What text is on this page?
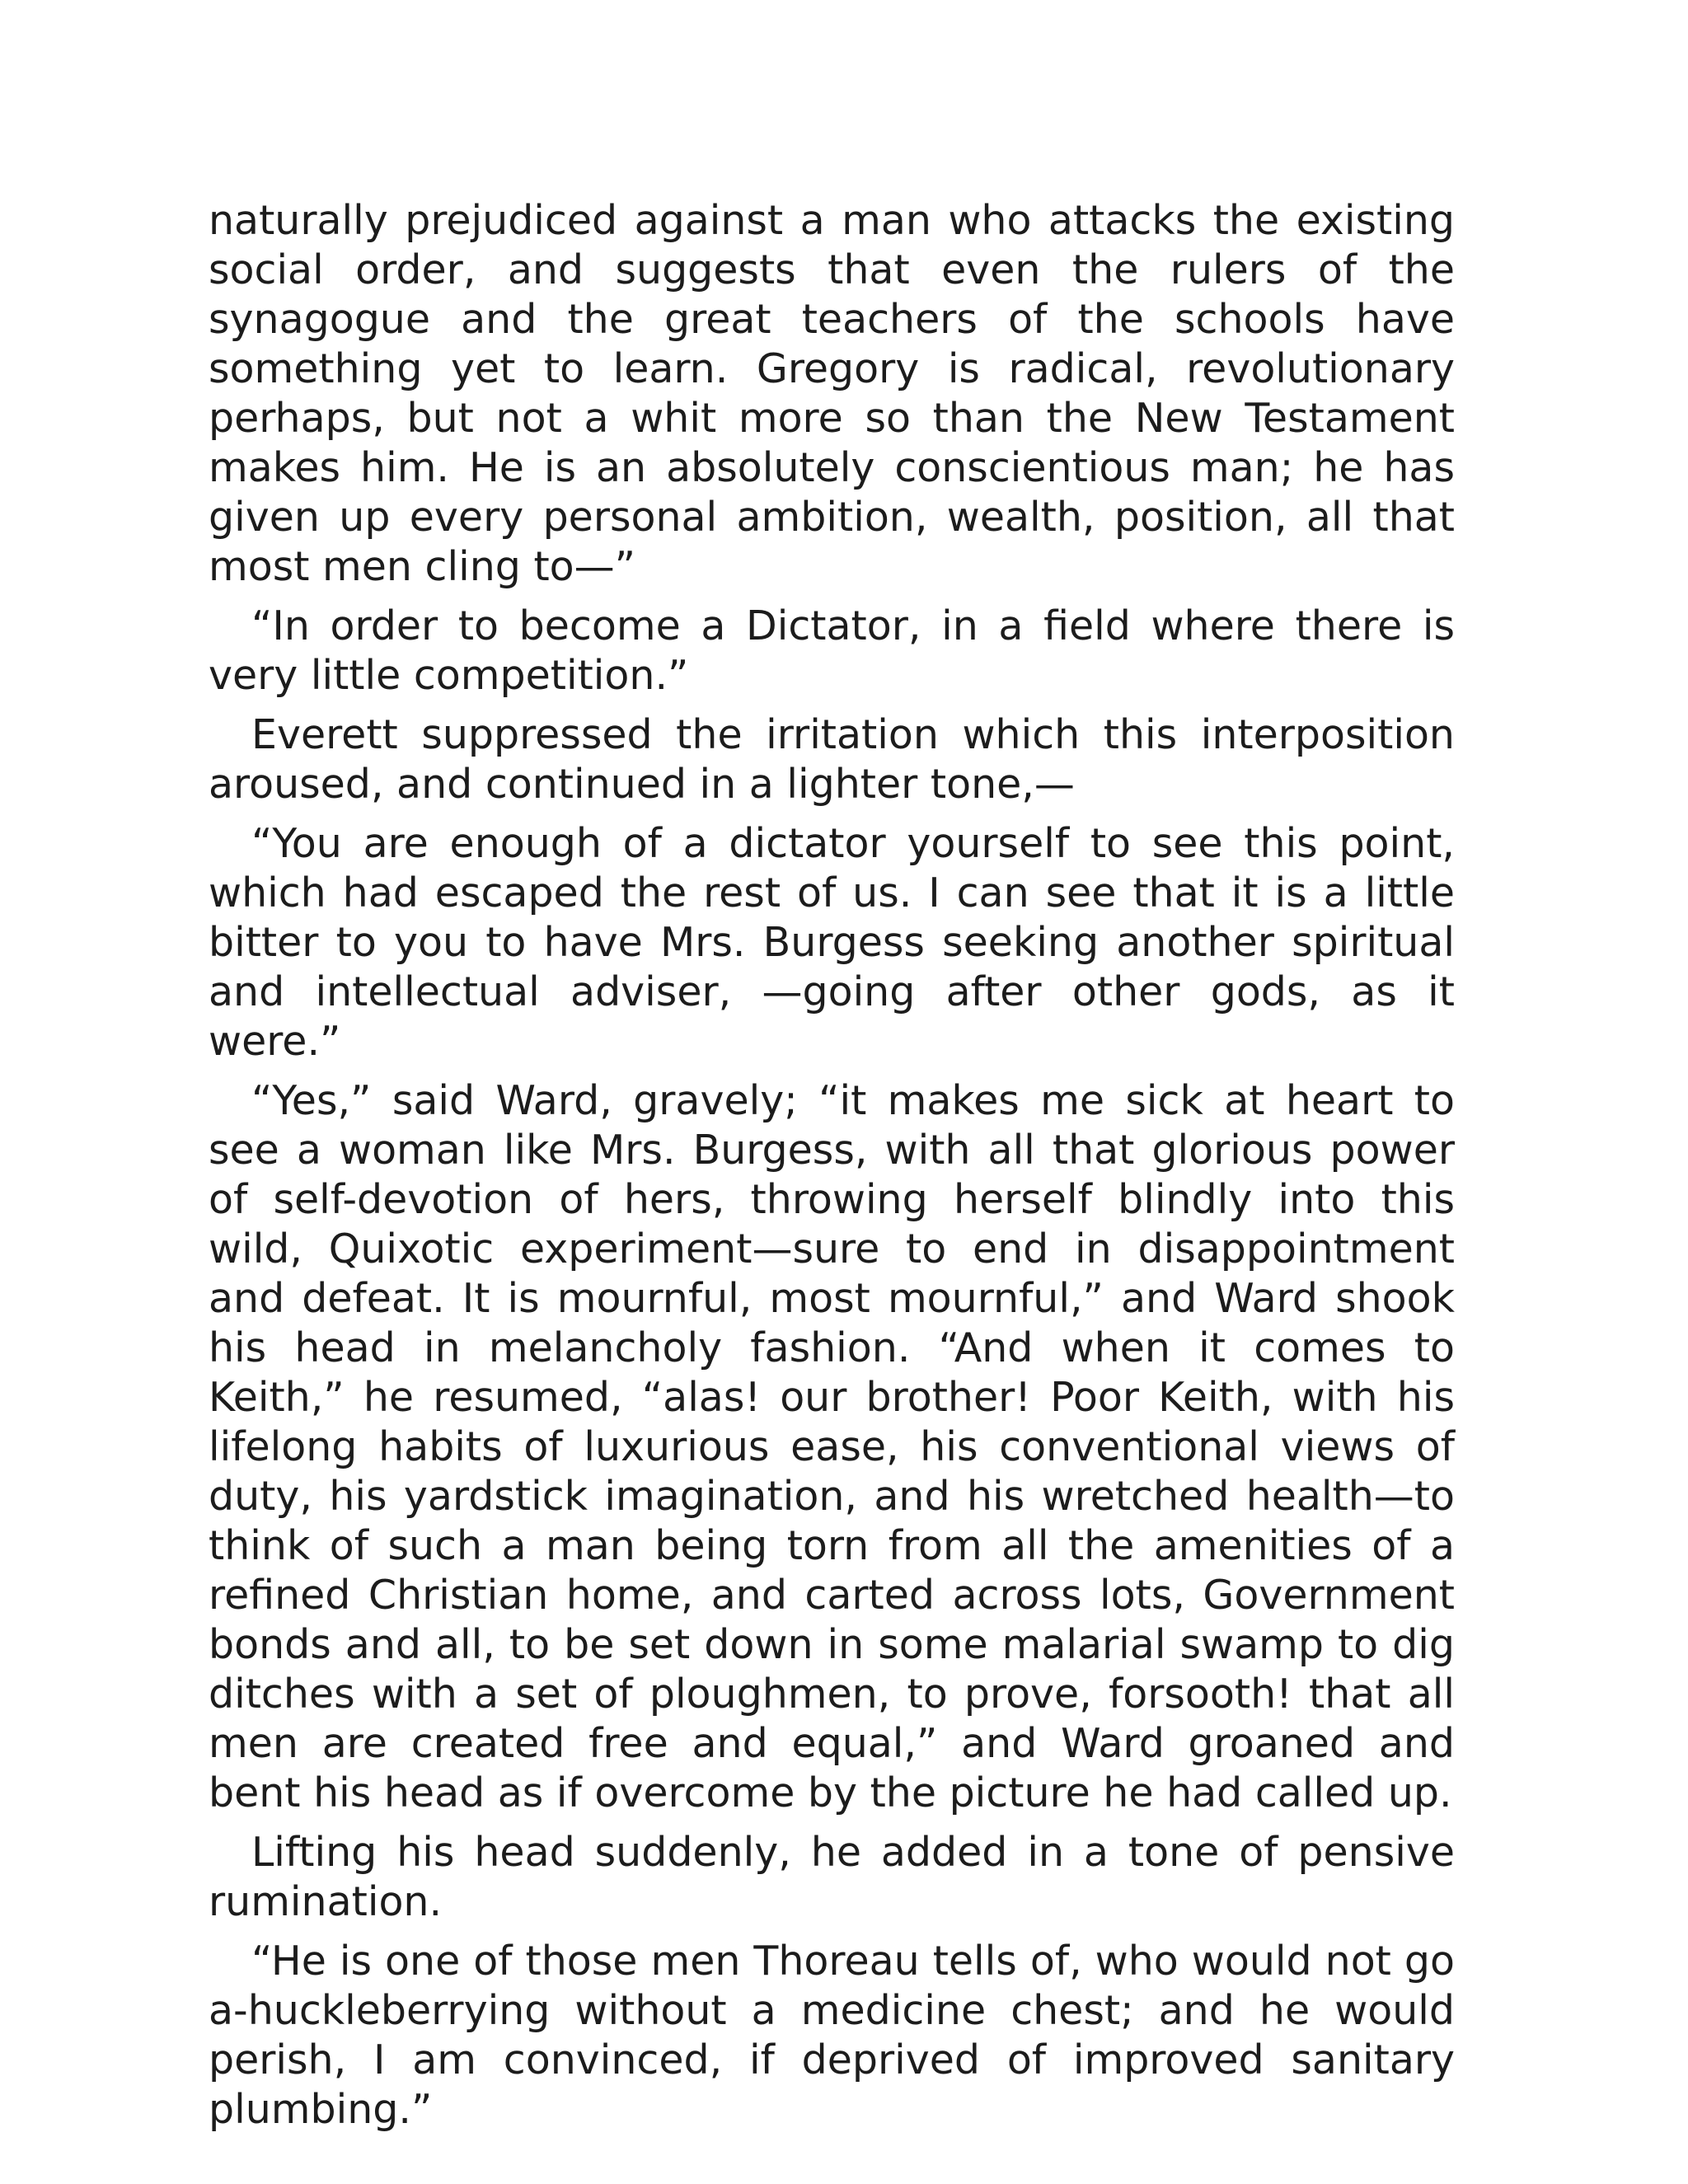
naturally prejudiced against a man who attacks the existing social order, and suggests that even the rulers of the synagogue and the great teachers of the schools have something yet to learn. Gregory is radical, revolutionary perhaps, but not a whit more so than the New Testament makes him. He is an absolutely conscientious man; he has given up every personal ambition, wealth, position, all that most men cling to—”

“In order to become a Dictator, in a field where there is very little competition.”

Everett suppressed the irritation which this interposition aroused, and continued in a lighter tone,—

“You are enough of a dictator yourself to see this point, which had escaped the rest of us. I can see that it is a little bitter to you to have Mrs. Burgess seeking another spiritual and intellectual adviser, —going after other gods, as it were.”

“Yes,” said Ward, gravely; “it makes me sick at heart to see a woman like Mrs. Burgess, with all that glorious power of self-devotion of hers, throwing herself blindly into this wild, Quixotic experiment—sure to end in disappointment and defeat. It is mournful, most mournful,” and Ward shook his head in melancholy fashion. “And when it comes to Keith,” he resumed, “alas! our brother! Poor Keith, with his lifelong habits of luxurious ease, his conventional views of duty, his yardstick imagination, and his wretched health—to think of such a man being torn from all the amenities of a refined Christian home, and carted across lots, Government bonds and all, to be set down in some malarial swamp to dig ditches with a set of ploughmen, to prove, forsooth! that all men are created free and equal,” and Ward groaned and bent his head as if overcome by the picture he had called up.

Lifting his head suddenly, he added in a tone of pensive rumination.

“He is one of those men Thoreau tells of, who would not go a-huckleberrying without a medicine chest; and he would perish, I am convinced, if deprived of improved sanitary plumbing.”
